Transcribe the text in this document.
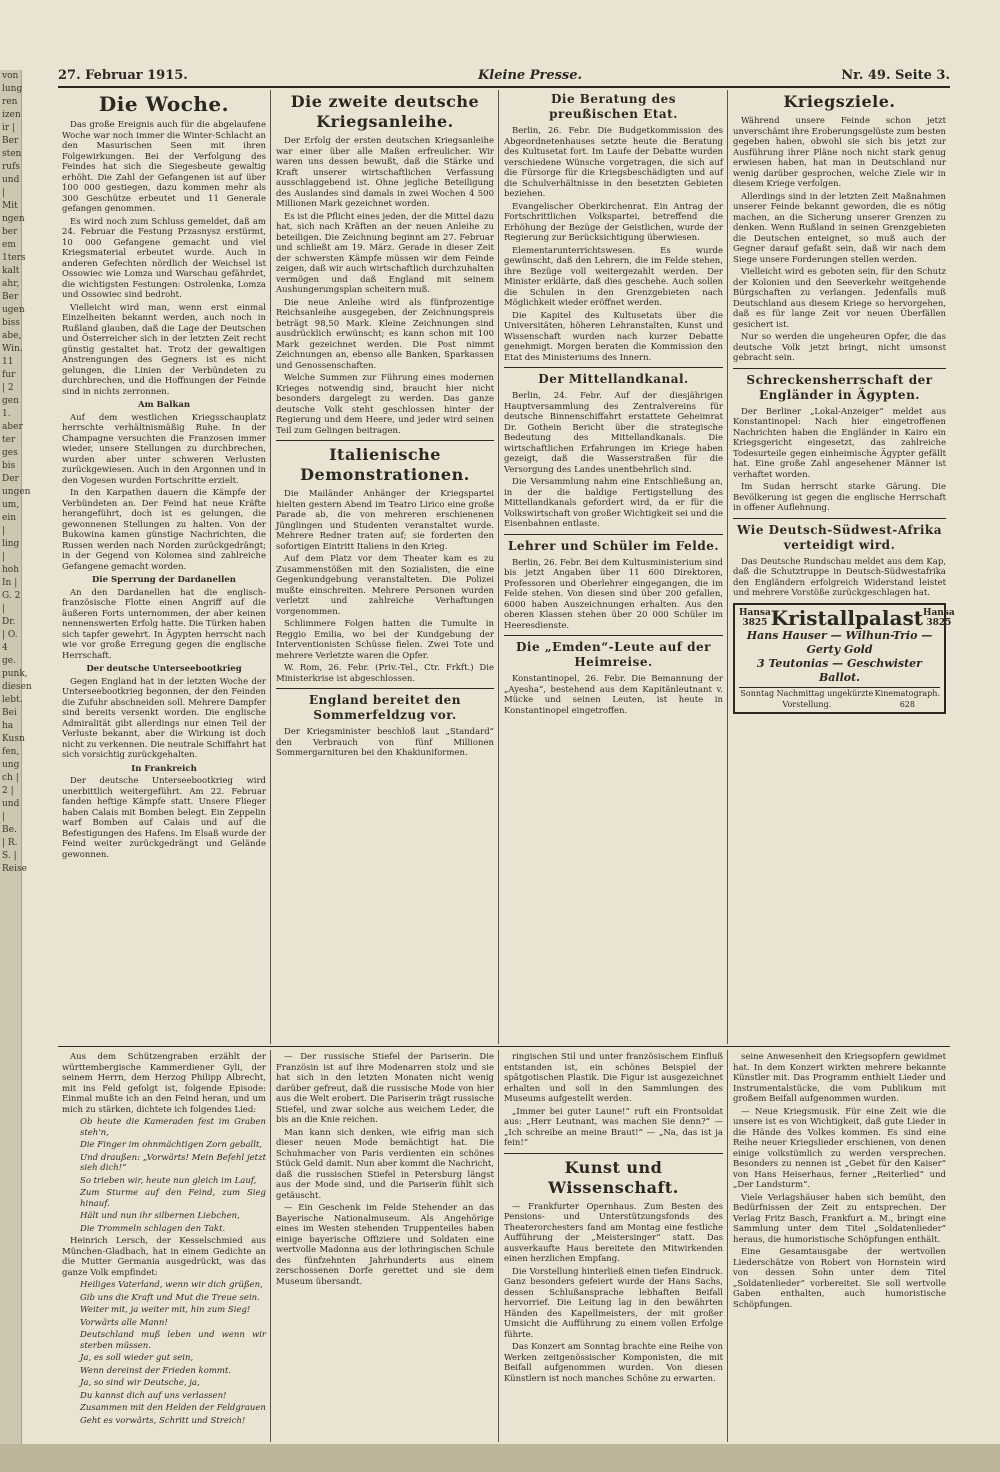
von lung ren izen ir | Ber sten rufs und | Mit ngen ber em 1ters kalt ahr, Ber ugen biss abe, Win. 11 fur | 2 gen 1. aber ter ges bis Der ungen um, ein | ling | hoh In | G. 2 | Dr. | O. 4 ge. punk, diesen lebt. Bei ha Kusn fen, ung ch | 2 | und | Be. | R. S. | Reise
27. Februar 1915.	Kleine Presse.	Nr. 49. Seite 3.
Die Woche.

Das große Ereignis auch für die abgelaufene Woche war noch immer die Winter-Schlacht an den Masurischen Seen mit ihren Folgewirkungen. Bei der Verfolgung des Feindes hat sich die Siegesbeute gewaltig erhöht. Die Zahl der Gefangenen ist auf über 100 000 gestiegen, dazu kommen mehr als 300 Geschütze erbeutet und 11 Generale gefangen genommen.

Es wird noch zum Schluss gemeldet, daß am 24. Februar die Festung Przasnysz erstürmt, 10 000 Gefangene gemacht und viel Kriegsmaterial erbeutet wurde. Auch in anderen Gefechten nördlich der Weichsel ist Ossowiec wie Lomza und Warschau gefährdet, die wichtigsten Festungen: Ostrolenka, Lomza und Ossowiec sind bedroht.

Vielleicht wird man, wenn erst einmal Einzelheiten bekannt werden, auch noch in Rußland glauben, daß die Lage der Deutschen und Österreicher sich in der letzten Zeit recht günstig gestaltet hat. Trotz der gewaltigen Anstrengungen des Gegners ist es nicht gelungen, die Linien der Verbündeten zu durchbrechen, und die Hoffnungen der Feinde sind in nichts zerronnen.

Am Balkan

Auf dem westlichen Kriegsschauplatz herrschte verhältnismäßig Ruhe. In der Champagne versuchten die Franzosen immer wieder, unsere Stellungen zu durchbrechen, wurden aber unter schweren Verlusten zurückgewiesen. Auch in den Argonnen und in den Vogesen wurden Fortschritte erzielt.

In den Karpathen dauern die Kämpfe der Verbündeten an. Der Feind hat neue Kräfte herangeführt, doch ist es gelungen, die gewonnenen Stellungen zu halten. Von der Bukowina kamen günstige Nachrichten, die Russen werden nach Norden zurückgedrängt; in der Gegend von Kolomea sind zahlreiche Gefangene gemacht worden.

Die Sperrung der Dardanellen

An den Dardanellen hat die englisch-französische Flotte einen Angriff auf die äußeren Forts unternommen, der aber keinen nennenswerten Erfolg hatte. Die Türken haben sich tapfer gewehrt. In Ägypten herrscht nach wie vor große Erregung gegen die englische Herrschaft.

Der deutsche Unterseebootkrieg

Gegen England hat in der letzten Woche der Unterseebootkrieg begonnen, der den Feinden die Zufuhr abschneiden soll. Mehrere Dampfer sind bereits versenkt worden. Die englische Admiralität gibt allerdings nur einen Teil der Verluste bekannt, aber die Wirkung ist doch nicht zu verkennen. Die neutrale Schiffahrt hat sich vorsichtig zurückgehalten.

In Frankreich

Der deutsche Unterseebootkrieg wird unerbittlich weitergeführt. Am 22. Februar fanden heftige Kämpfe statt. Unsere Flieger haben Calais mit Bomben belegt. Ein Zeppelin warf Bomben auf Calais und auf die Befestigungen des Hafens. Im Elsaß wurde der Feind weiter zurückgedrängt und Gelände gewonnen.

Die zweite deutsche Kriegsanleihe.

Der Erfolg der ersten deutschen Kriegsanleihe war einer über alle Maßen erfreulicher. Wir waren uns dessen bewußt, daß die Stärke und Kraft unserer wirtschaftlichen Verfassung ausschlaggebend ist. Ohne jegliche Beteiligung des Auslandes sind damals in zwei Wochen 4 500 Millionen Mark gezeichnet worden.

Es ist die Pflicht eines jeden, der die Mittel dazu hat, sich nach Kräften an der neuen Anleihe zu beteiligen. Die Zeichnung beginnt am 27. Februar und schließt am 19. März. Gerade in dieser Zeit der schwersten Kämpfe müssen wir dem Feinde zeigen, daß wir auch wirtschaftlich durchzuhalten vermögen und daß England mit seinem Aushungerungsplan scheitern muß.

Die neue Anleihe wird als fünfprozentige Reichsanleihe ausgegeben, der Zeichnungspreis beträgt 98,50 Mark. Kleine Zeichnungen sind ausdrücklich erwünscht; es kann schon mit 100 Mark gezeichnet werden. Die Post nimmt Zeichnungen an, ebenso alle Banken, Sparkassen und Genossenschaften.

Welche Summen zur Führung eines modernen Krieges notwendig sind, braucht hier nicht besonders dargelegt zu werden. Das ganze deutsche Volk steht geschlossen hinter der Regierung und dem Heere, und jeder wird seinen Teil zum Gelingen beitragen.

Italienische Demonstrationen.

Die Mailänder Anhänger der Kriegspartei hielten gestern Abend im Teatro Lirico eine große Parade ab, die von mehreren erschienenen Jünglingen und Studenten veranstaltet wurde. Mehrere Redner traten auf; sie forderten den sofortigen Eintritt Italiens in den Krieg.

Auf dem Platz vor dem Theater kam es zu Zusammenstößen mit den Sozialisten, die eine Gegenkundgebung veranstalteten. Die Polizei mußte einschreiten. Mehrere Personen wurden verletzt und zahlreiche Verhaftungen vorgenommen.

Schlimmere Folgen hatten die Tumulte in Reggio Emilia, wo bei der Kundgebung der Interventionisten Schüsse fielen. Zwei Tote und mehrere Verletzte waren die Opfer.

W. Rom, 26. Febr. (Priv.-Tel., Ctr. Frkft.) Die Ministerkrise ist abgeschlossen.

England bereitet den Sommerfeldzug vor.

Der Kriegsminister beschloß laut „Standard“ den Verbrauch von fünf Millionen Sommergarnituren bei den Khakiuniformen.

Die Beratung des preußischen Etat.

Berlin, 26. Febr. Die Budgetkommission des Abgeordnetenhauses setzte heute die Beratung des Kultusetat fort. Im Laufe der Debatte wurden verschiedene Wünsche vorgetragen, die sich auf die Fürsorge für die Kriegsbeschädigten und auf die Schulverhältnisse in den besetzten Gebieten beziehen.

Evangelischer Oberkirchenrat. Ein Antrag der Fortschrittlichen Volkspartei, betreffend die Erhöhung der Bezüge der Geistlichen, wurde der Regierung zur Berücksichtigung überwiesen.

Elementarunterrichtswesen. Es wurde gewünscht, daß den Lehrern, die im Felde stehen, ihre Bezüge voll weitergezahlt werden. Der Minister erklärte, daß dies geschehe. Auch sollen die Schulen in den Grenzgebieten nach Möglichkeit wieder eröffnet werden.

Die Kapitel des Kultusetats über die Universitäten, höheren Lehranstalten, Kunst und Wissenschaft wurden nach kurzer Debatte genehmigt. Morgen beraten die Kommission den Etat des Ministeriums des Innern.

Der Mittellandkanal.

Berlin, 24. Febr. Auf der diesjährigen Hauptversammlung des Zentralvereins für deutsche Binnenschiffahrt erstattete Geheimrat Dr. Gothein Bericht über die strategische Bedeutung des Mittellandkanals. Die wirtschaftlichen Erfahrungen im Kriege haben gezeigt, daß die Wasserstraßen für die Versorgung des Landes unentbehrlich sind.

Die Versammlung nahm eine Entschließung an, in der die baldige Fertigstellung des Mittellandkanals gefordert wird, da er für die Volkswirtschaft von großer Wichtigkeit sei und die Eisenbahnen entlaste.

Lehrer und Schüler im Felde.

Berlin, 26. Febr. Bei dem Kultusministerium sind bis jetzt Angaben über 11 600 Direktoren, Professoren und Oberlehrer eingegangen, die im Felde stehen. Von diesen sind über 200 gefallen, 6000 haben Auszeichnungen erhalten. Aus den oberen Klassen stehen über 20 000 Schüler im Heeresdienste.

Die „Emden“-Leute auf der Heimreise.

Konstantinopel, 26. Febr. Die Bemannung der „Ayesha“, bestehend aus dem Kapitänleutnant v. Mücke und seinen Leuten, ist heute in Konstantinopel eingetroffen.

Kriegsziele.

Während unsere Feinde schon jetzt unverschämt ihre Eroberungsgelüste zum besten gegeben haben, obwohl sie sich bis jetzt zur Ausführung ihrer Pläne noch nicht stark genug erwiesen haben, hat man in Deutschland nur wenig darüber gesprochen, welche Ziele wir in diesem Kriege verfolgen.

Allerdings sind in der letzten Zeit Maßnahmen unserer Feinde bekannt geworden, die es nötig machen, an die Sicherung unserer Grenzen zu denken. Wenn Rußland in seinen Grenzgebieten die Deutschen enteignet, so muß auch der Gegner darauf gefaßt sein, daß wir nach dem Siege unsere Forderungen stellen werden.

Vielleicht wird es geboten sein, für den Schutz der Kolonien und den Seeverkehr weitgehende Bürgschaften zu verlangen. Jedenfalls muß Deutschland aus diesem Kriege so hervorgehen, daß es für lange Zeit vor neuen Überfällen gesichert ist.

Nur so werden die ungeheuren Opfer, die das deutsche Volk jetzt bringt, nicht umsonst gebracht sein.

Schreckensherrschaft der Engländer in Ägypten.

Der Berliner „Lokal-Anzeiger“ meldet aus Konstantinopel: Nach hier eingetroffenen Nachrichten haben die Engländer in Kairo ein Kriegsgericht eingesetzt, das zahlreiche Todesurteile gegen einheimische Ägypter gefällt hat. Eine große Zahl angesehener Männer ist verhaftet worden.

Im Sudan herrscht starke Gärung. Die Bevölkerung ist gegen die englische Herrschaft in offener Auflehnung.

Wie Deutsch-Südwest-Afrika verteidigt wird.

Das Deutsche Rundschau meldet aus dem Kap, daß die Schutztruppe in Deutsch-Südwestafrika den Engländern erfolgreich Widerstand leistet und mehrere Vorstöße zurückgeschlagen hat.

Hansa 3825 Kristallpalast Hansa 3825
Hans Hauser — Wilhun-Trio — Gerty Gold
3 Teutonias — Geschwister Ballot.
Sonntag Nachmittag ungekürzte Vorstellung.
Kinematograph. 628

Aus dem Schützengraben erzählt der württembergische Kammerdiener Gyli, der seinem Herrn, dem Herzog Philipp Albrecht, mit ins Feld gefolgt ist, folgende Episode: Einmal mußte ich an den Feind heran, und um mich zu stärken, dichtete ich folgendes Lied:

Ob heute die Kameraden fest im Graben steh'n,

Die Finger im ohnmächtigen Zorn geballt,

Und draußen: „Vorwärts! Mein Befehl jetzt sieh dich!“

So trieben wir, heute nun gleich im Lauf,

Zum Sturme auf den Feind, zum Sieg hinauf.

Hält und nun ihr silbernen Liebchen,

Die Trommeln schlagen den Takt.

Heinrich Lersch, der Kesselschmied aus München-Gladbach, hat in einem Gedichte an die Mutter Germania ausgedrückt, was das ganze Volk empfindet:

Heiliges Vaterland, wenn wir dich grüßen,

Gib uns die Kraft und Mut die Treue sein.

Weiter mit, ja weiter mit, hin zum Sieg!

Vorwärts alle Mann!

Deutschland muß leben und wenn wir sterben müssen.

Ja, es soll wieder gut sein,

Wenn dereinst der Frieden kommt.

Ja, so sind wir Deutsche, ja,

Du kannst dich auf uns verlassen!

Zusammen mit den Helden der Feldgrauen

Geht es vorwärts, Schritt und Streich!

— Der russische Stiefel der Pariserin. Die Französin ist auf ihre Modenarren stolz und sie hat sich in den letzten Monaten nicht wenig darüber gefreut, daß die russische Mode von hier aus die Welt erobert. Die Pariserin trägt russische Stiefel, und zwar solche aus weichem Leder, die bis an die Knie reichen.

Man kann sich denken, wie eifrig man sich dieser neuen Mode bemächtigt hat. Die Schuhmacher von Paris verdienten ein schönes Stück Geld damit. Nun aber kommt die Nachricht, daß die russischen Stiefel in Petersburg längst aus der Mode sind, und die Pariserin fühlt sich getäuscht.

— Ein Geschenk im Felde Stehender an das Bayerische Nationalmuseum. Als Angehörige eines im Westen stehenden Truppenteiles haben einige bayerische Offiziere und Soldaten eine wertvolle Madonna aus der lothringischen Schule des fünfzehnten Jahrhunderts aus einem zerschossenen Dorfe gerettet und sie dem Museum übersandt.

ringischen Stil und unter französischem Einfluß entstanden ist, ein schönes Beispiel der spätgotischen Plastik. Die Figur ist ausgezeichnet erhalten und soll in den Sammlungen des Museums aufgestellt werden.

„Immer bei guter Laune!“ ruft ein Frontsoldat aus: „Herr Leutnant, was machen Sie denn?“ — „Ich schreibe an meine Braut!“ — „Na, das ist ja fein!“

Kunst und Wissenschaft.

— Frankfurter Opernhaus. Zum Besten des Pensions- und Unterstützungsfonds des Theaterorchesters fand am Montag eine festliche Aufführung der „Meistersinger“ statt. Das ausverkaufte Haus bereitete den Mitwirkenden einen herzlichen Empfang.

Die Vorstellung hinterließ einen tiefen Eindruck. Ganz besonders gefeiert wurde der Hans Sachs, dessen Schlußansprache lebhaften Beifall hervorrief. Die Leitung lag in den bewährten Händen des Kapellmeisters, der mit großer Umsicht die Aufführung zu einem vollen Erfolge führte.

Das Konzert am Sonntag brachte eine Reihe von Werken zeitgenössischer Komponisten, die mit Beifall aufgenommen wurden. Von diesen Künstlern ist noch manches Schöne zu erwarten.

seine Anwesenheit den Kriegsopfern gewidmet hat. In dem Konzert wirkten mehrere bekannte Künstler mit. Das Programm enthielt Lieder und Instrumentalstücke, die vom Publikum mit großem Beifall aufgenommen wurden.

— Neue Kriegsmusik. Für eine Zeit wie die unsere ist es von Wichtigkeit, daß gute Lieder in die Hände des Volkes kommen. Es sind eine Reihe neuer Kriegslieder erschienen, von denen einige volkstümlich zu werden versprechen. Besonders zu nennen ist „Gebet für den Kaiser“ von Hans Heiserhaus, ferner „Reiterlied“ und „Der Landsturm“.

Viele Verlagshäuser haben sich bemüht, den Bedürfnissen der Zeit zu entsprechen. Der Verlag Fritz Basch, Frankfurt a. M., bringt eine Sammlung unter dem Titel „Soldatenlieder“ heraus, die humoristische Schöpfungen enthält.

Eine Gesamtausgabe der wertvollen Liederschätze von Robert von Hornstein wird von dessen Sohn unter dem Titel „Soldatenlieder“ vorbereitet. Sie soll wertvolle Gaben enthalten, auch humoristische Schöpfungen.
